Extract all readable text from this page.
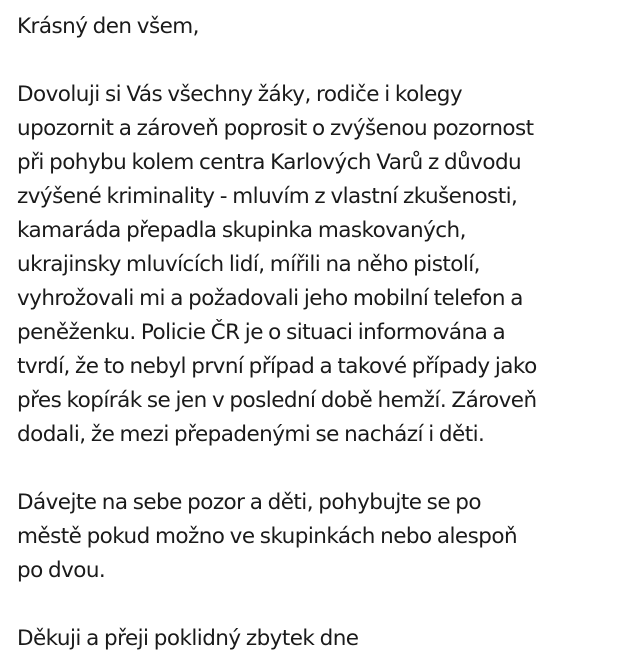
Krásný den všem,
Dovoluji si Vás všechny žáky, rodiče i kolegy
upozornit a zároveň poprosit o zvýšenou pozornost
při pohybu kolem centra Karlových Varů z důvodu
zvýšené kriminality - mluvím z vlastní zkušenosti,
kamaráda přepadla skupinka maskovaných,
ukrajinsky mluvících lidí, mířili na něho pistolí,
vyhrožovali mi a požadovali jeho mobilní telefon a
peněženku. Policie ČR je o situaci informována a
tvrdí, že to nebyl první případ a takové případy jako
přes kopírák se jen v poslední době hemží. Zároveň
dodali, že mezi přepadenými se nachází i děti.
Dávejte na sebe pozor a děti, pohybujte se po
městě pokud možno ve skupinkách nebo alespoň
po dvou.
Děkuji a přeji poklidný zbytek dne
